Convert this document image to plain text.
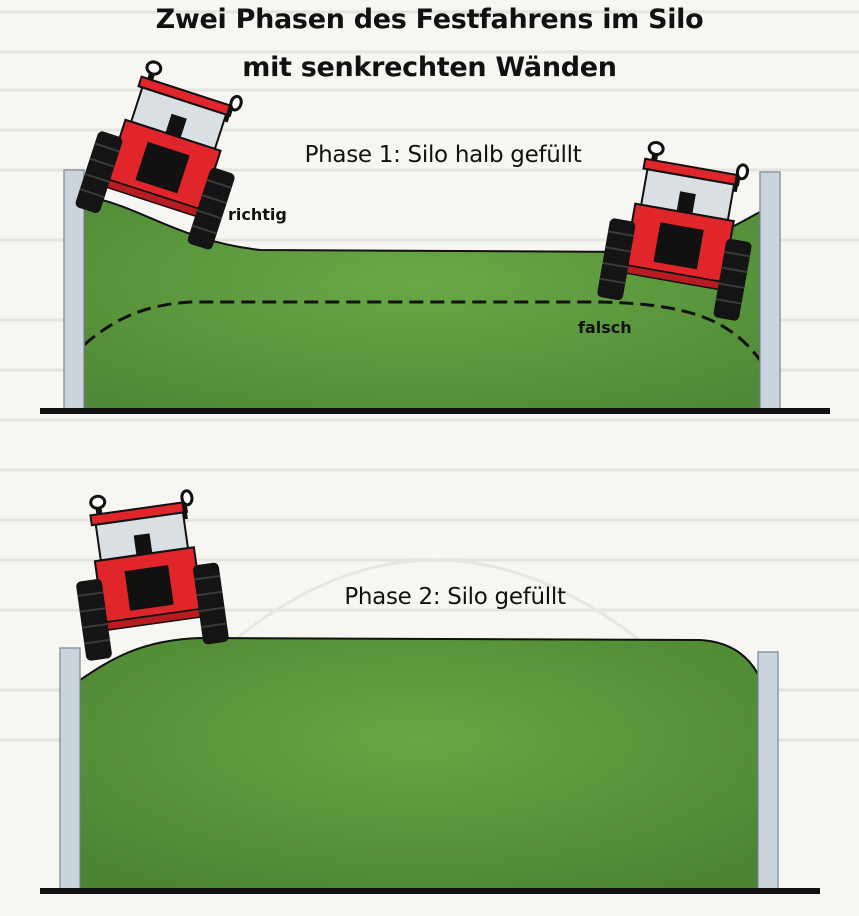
Zwei Phasen des Festfahrens im Silo
mit senkrechten Wänden
Phase 1: Silo halb gefüllt
richtig
falsch
Phase 2: Silo gefüllt
